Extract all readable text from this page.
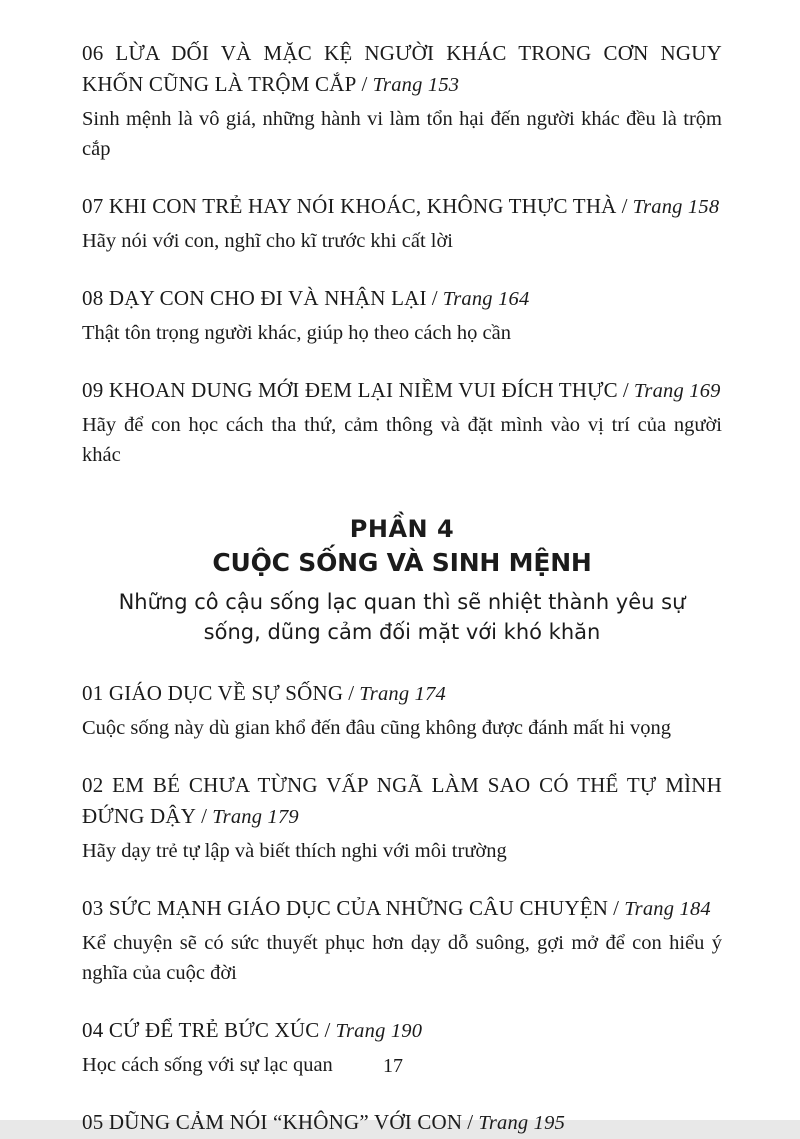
06 LỪA DỐI VÀ MẶC KỆ NGƯỜI KHÁC TRONG CƠN NGUY KHỐN CŨNG LÀ TRỘM CẮP / Trang 153
Sinh mệnh là vô giá, những hành vi làm tổn hại đến người khác đều là trộm cắp
07 KHI CON TRẺ HAY NÓI KHOÁC, KHÔNG THỰC THÀ / Trang 158
Hãy nói với con, nghĩ cho kĩ trước khi cất lời
08 DẠY CON CHO ĐI VÀ NHẬN LẠI / Trang 164
Thật tôn trọng người khác, giúp họ theo cách họ cần
09 KHOAN DUNG MỚI ĐEM LẠI NIỀM VUI ĐÍCH THỰC / Trang 169
Hãy để con học cách tha thứ, cảm thông và đặt mình vào vị trí của người khác
PHẦN 4
CUỘC SỐNG VÀ SINH MỆNH
Những cô cậu sống lạc quan thì sẽ nhiệt thành yêu sự sống, dũng cảm đối mặt với khó khăn
01 GIÁO DỤC VỀ SỰ SỐNG / Trang 174
Cuộc sống này dù gian khổ đến đâu cũng không được đánh mất hi vọng
02 EM BÉ CHƯA TỪNG VẤP NGÃ LÀM SAO CÓ THỂ TỰ MÌNH ĐỨNG DẬY / Trang 179
Hãy dạy trẻ tự lập và biết thích nghi với môi trường
03 SỨC MẠNH GIÁO DỤC CỦA NHỮNG CÂU CHUYỆN / Trang 184
Kể chuyện sẽ có sức thuyết phục hơn dạy dỗ suông, gợi mở để con hiểu ý nghĩa của cuộc đời
04 CỨ ĐỂ TRẺ BỨC XÚC / Trang 190
Học cách sống với sự lạc quan
05 DŨNG CẢM NÓI “KHÔNG” VỚI CON / Trang 195
17
